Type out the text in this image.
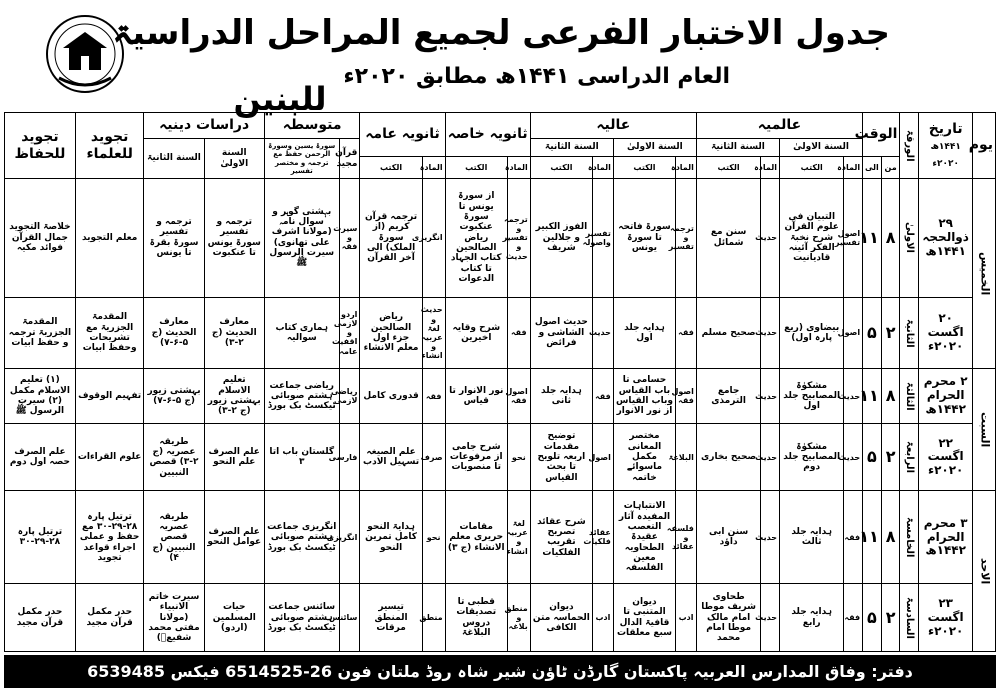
جدول الاختبار الفرعی لجمیع المراحل الدراسیۃ
العام الدراسی ۱۴۴۱ھ مطابق ۲۰۲۰ء
للبنین
یوم	تاریخ
۱۴۴۱ھ ۲۰۲۰ء	الورقۃ	الوقت		عالمیہ				عالیہ				ثانویہ خاصہ		ثانویہ عامہ		متوسطہ		دراسات دینیہ		تجوید للعلماء	تجوید للحفاظ
					السنة الاولیٰ		السنة الثانیۃ		السنة الاولیٰ		السنة الثانیۃ						قرآن مجید	سورۃ یسین وسورۃ الرحمن حفظ مع ترجمہ و مختصر تفسیر	السنة الاولیٰ	السنة الثانیۃ		
			من	الی	المادہ	الکتب	المادہ	الکتب	المادہ	الکتب	المادہ	الکتب	المادہ	الکتب	المادہ	الکتب						
الخمیس	۲۹ ذوالحجہ ۱۴۴۱ھ	الاولیٰ	۸	۱۱	اصول تفسیر	التبیان فی علوم القرآن شرح نخبۃ الفکر آئینہ قادیانیت	حدیث	سنن مع شمائل	ترجمہ و تفسیر	سورۃ فاتحہ تا سورۃ یونس	تفسیر واصولہ	الفوز الکبیر و جلالین شریف	ترجمہ و تفسیر و حدیث	از سورۃ یونس تا سورۃ عنکبوت ریاض الصالحین کتاب الجہاد تا کتاب الدعوات	انگریزی	ترجمہ قرآن کریم (از سورۃ الملک) الی آخر القرآن	سیرت و فقہ	بہشتی گوہر و سوال نامہ (مولانا اشرف علی تھانوی) سیرت الرسول ﷺ	ترجمہ و تفسیر سورۃ یونس تا عنکبوت	ترجمہ و تفسیر سورۃ بقرۃ تا یونس	معلم التجوید	خلاصۃ التجوید جمال القرآن فوائد مکیہ
	۲۰ اگست ۲۰۲۰ء	الثانیۃ	۲	۵	اصول	بیضاوی (ربع پارہ اول)	حدیث	صحیح مسلم	فقہ	ہدایہ جلد اول	حدیث	حدیث اصول الشاشی و فرائض	فقہ	شرح وقایہ اخیرین	حدیث و لغۃ عربیہ و انشاء	ریاض الصالحین جزء اول معلم الانشاء	اردو لازمی و اقفیت عامہ	ہماری کتاب سوالیہ	معارف الحدیث (ج ۲-۳)	معارف الحدیث (ج ۵-۶-۷)	المقدمۃ الجزریۃ مع تشریحات وحفظ ابیات	المقدمۃ الجزریۃ ترجمہ و حفظ ابیات
السبت	۲ محرم الحرام ۱۴۴۲ھ	الثالثۃ	۸	۱۱	حدیث	مشکوٰۃ المصابیح جلد اول	حدیث	جامع الترمذی	اصول فقہ	حسامی تا باب القیاس وباب القیاس از نور الانوار	فقہ	ہدایہ جلد ثانی	اصول فقہ	نور الانوار تا قیاس	فقہ	قدوری کامل	ریاضی لازمی	ریاضی جماعت ہشتم صوبائی ٹیکسٹ بک بورڈ	تعلیم الاسلام بہشتی زیور (ج ۲-۳)	بہشتی زیور (ج ۵-۶-۷)	تفہیم الوقوف	(۱) تعلیم الاسلام مکمل (۲) سیرت الرسول ﷺ
	۲۲ اگست ۲۰۲۰ء	الرابعۃ	۲	۵	حدیث	مشکوٰۃ المصابیح جلد دوم	حدیث	صحیح بخاری	البلاغۃ	مختصر المعانی مکمل ماسوائے خاتمہ	اصول	توضیح مقدمات اربعہ تلویح تا بحث القیاس	نحو	شرح جامی از مرفوعات تا منصوبات	صرف	علم الصیغہ تسہیل الادب	فارسی	گلستان باب اتا ۳	علم الصرف علم النحو	طریقہ عصریہ (ج ۲-۳) قصص النبیین	علوم القراءات	علم الصرف حصہ اول دوم
الاحد	۳ محرم الحرام ۱۴۴۲ھ	الخامسۃ	۸	۱۱	فقہ	ہدایہ جلد ثالث	حدیث	سنن ابی داؤد	فلسفہ و عقائد	الانتباہات المفیدہ آثار التعصب عقیدۃ الطحاویہ معین الفلسفہ	عقائد فلکیات	شرح عقائد تصریح تقریب الفلکیات	لغۃ عربیہ و انشاء	مقامات حریری معلم الانشاء (ج ۳)	نحو	ہدایۃ النحو کامل تمرین النحو	انگریزی	انگریزی جماعت ہشتم صوبائی ٹیکسٹ بک بورڈ	علم الصرف عوامل النحو	طریقہ عصریہ قصص النبیین (ج ۴)	ترتیل پارہ ۲۸-۲۹-۳۰ مع حفظ و عملی اجراء قواعد تجوید	ترتیل پارہ ۲۸-۲۹-۳۰
	۲۳ اگست ۲۰۲۰ء	السادسۃ	۲	۵	فقہ	ہدایہ جلد رابع	حدیث	طحاوی شریف موطا امام مالک موطا امام محمد	ادب	دیوان المتنبی تا قافیۃ الدال سبع معلقات	ادب	دیوان الحماسہ متن الکافی	منطق و بلاغہ	قطبی تا تصدیقات دروس البلاغۃ	منطق	تیسیر المنطق مرقات	سائنس	سائنس جماعت ہشتم صوبائی ٹیکسٹ بک بورڈ	حیات المسلمین (اردو)	سیرت خاتم الانبیاء (مولانا مفتی محمد شفیعؒ)	حدر مکمل قرآن مجید	حدر مکمل قرآن مجید
دفتر: وفاق المدارس العربیہ پاکستان گارڈن ٹاؤن شیر شاہ روڈ ملتان فون 26-6514525 فیکس 6539485
